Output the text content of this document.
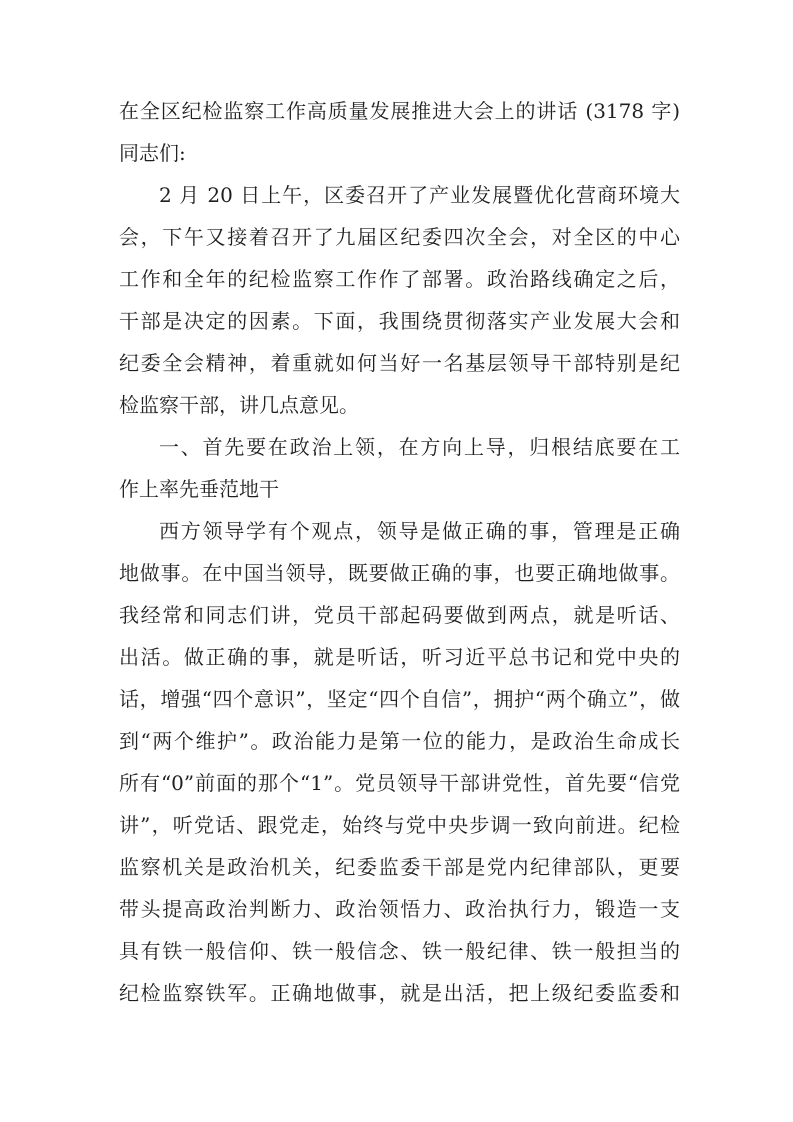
在全区纪检监察工作高质量发展推进大会上的讲话 (3178 字)
同志们:
2 月 20 日上午，区委召开了产业发展暨优化营商环境大
会，下午又接着召开了九届区纪委四次全会，对全区的中心
工作和全年的纪检监察工作作了部署。政治路线确定之后，
干部是决定的因素。下面，我围绕贯彻落实产业发展大会和
纪委全会精神，着重就如何当好一名基层领导干部特别是纪
检监察干部，讲几点意见。
一、首先要在政治上领，在方向上导，归根结底要在工
作上率先垂范地干
西方领导学有个观点，领导是做正确的事，管理是正确
地做事。在中国当领导，既要做正确的事，也要正确地做事。
我经常和同志们讲，党员干部起码要做到两点，就是听话、
出活。做正确的事，就是听话，听习近平总书记和党中央的
话，增强“四个意识”，坚定“四个自信”，拥护“两个确立”，做
到“两个维护”。政治能力是第一位的能力，是政治生命成长
所有“0”前面的那个“1”。党员领导干部讲党性，首先要“信党
讲”，听党话、跟党走，始终与党中央步调一致向前进。纪检
监察机关是政治机关，纪委监委干部是党内纪律部队，更要
带头提高政治判断力、政治领悟力、政治执行力，锻造一支
具有铁一般信仰、铁一般信念、铁一般纪律、铁一般担当的
纪检监察铁军。正确地做事，就是出活，把上级纪委监委和
